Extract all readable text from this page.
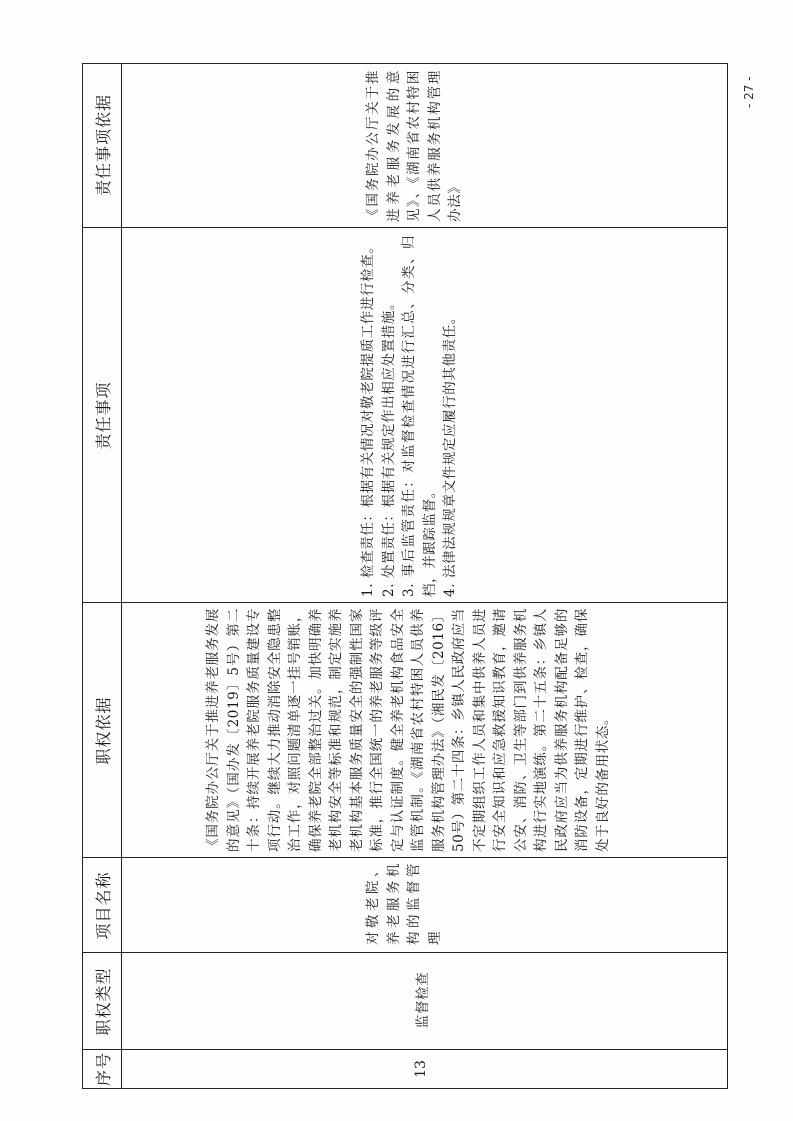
- 27 -
序号
职权类型
项目名称
职权依据
责任事项
责任事项依据
13
监督检查
对敬老院、养老服务机构的监督管理
《国务院办公厅关于推进养老服务发展的意见》（国办发〔2019〕5号）第二十条：持续开展养老院服务质量建设专项行动。继续大力推动消除安全隐患整治工作，对照问题清单逐一挂号销账，确保养老院全部整治过关。加快明确养老机构安全等标准和规范，制定实施养老机构基本服务质量安全的强制性国家标准，推行全国统一的养老服务等级评定与认证制度。健全养老机构食品安全监管机制。《湖南省农村特困人员供养服务机构管理办法》（湘民发〔2016〕50号）第二十四条：乡镇人民政府应当不定期组织工作人员和集中供养人员进行安全知识和应急救援知识教育，邀请公安、消防、卫生等部门到供养服务机构进行实地演练。第二十五条：乡镇人民政府应当为供养服务机构配备足够的消防设备，定期进行维护、检查，确保处于良好的备用状态。
1. 检查责任：根据有关情况对敬老院提质工作进行检查。 2. 处置责任：根据有关规定作出相应处置措施。 3. 事后监管责任：对监督检查情况进行汇总、分类、归档，并跟踪监督。 4. 法律法规规章文件规定应履行的其他责任。
《国务院办公厅关于推进养老服务发展的意见》、《湖南省农村特困人员供养服务机构管理办法》
